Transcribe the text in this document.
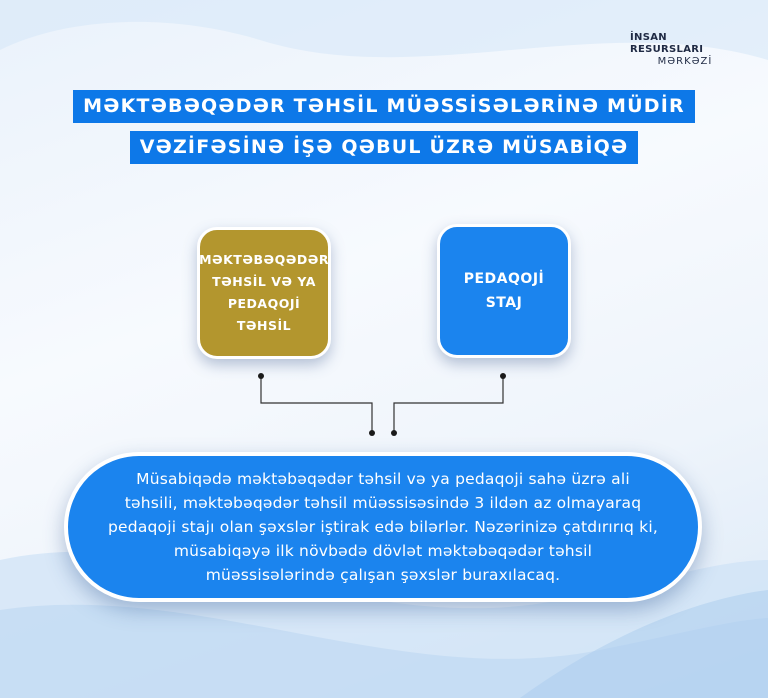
İNSAN RESURSLARI
MƏRKƏZİ
MƏKTƏBƏQƏDƏR TƏHSİL MÜƏSSİSƏLƏRİNƏ MÜDİR
VƏZİFƏSİNƏ İŞƏ QƏBUL ÜZRƏ MÜSABİQƏ
MƏKTƏBƏQƏDƏR TƏHSİL VƏ YA PEDAQOJİ TƏHSİL
PEDAQOJİ STAJ

Müsabiqədə məktəbəqədər təhsil və ya pedaqoji sahə üzrə ali təhsili, məktəbəqədər təhsil müəssisəsində 3 ildən az olmayaraq pedaqoji stajı olan şəxslər iştirak edə bilərlər. Nəzərinizə çatdırırıq ki, müsabiqəyə ilk növbədə dövlət məktəbəqədər təhsil müəssisələrində çalışan şəxslər buraxılacaq.
